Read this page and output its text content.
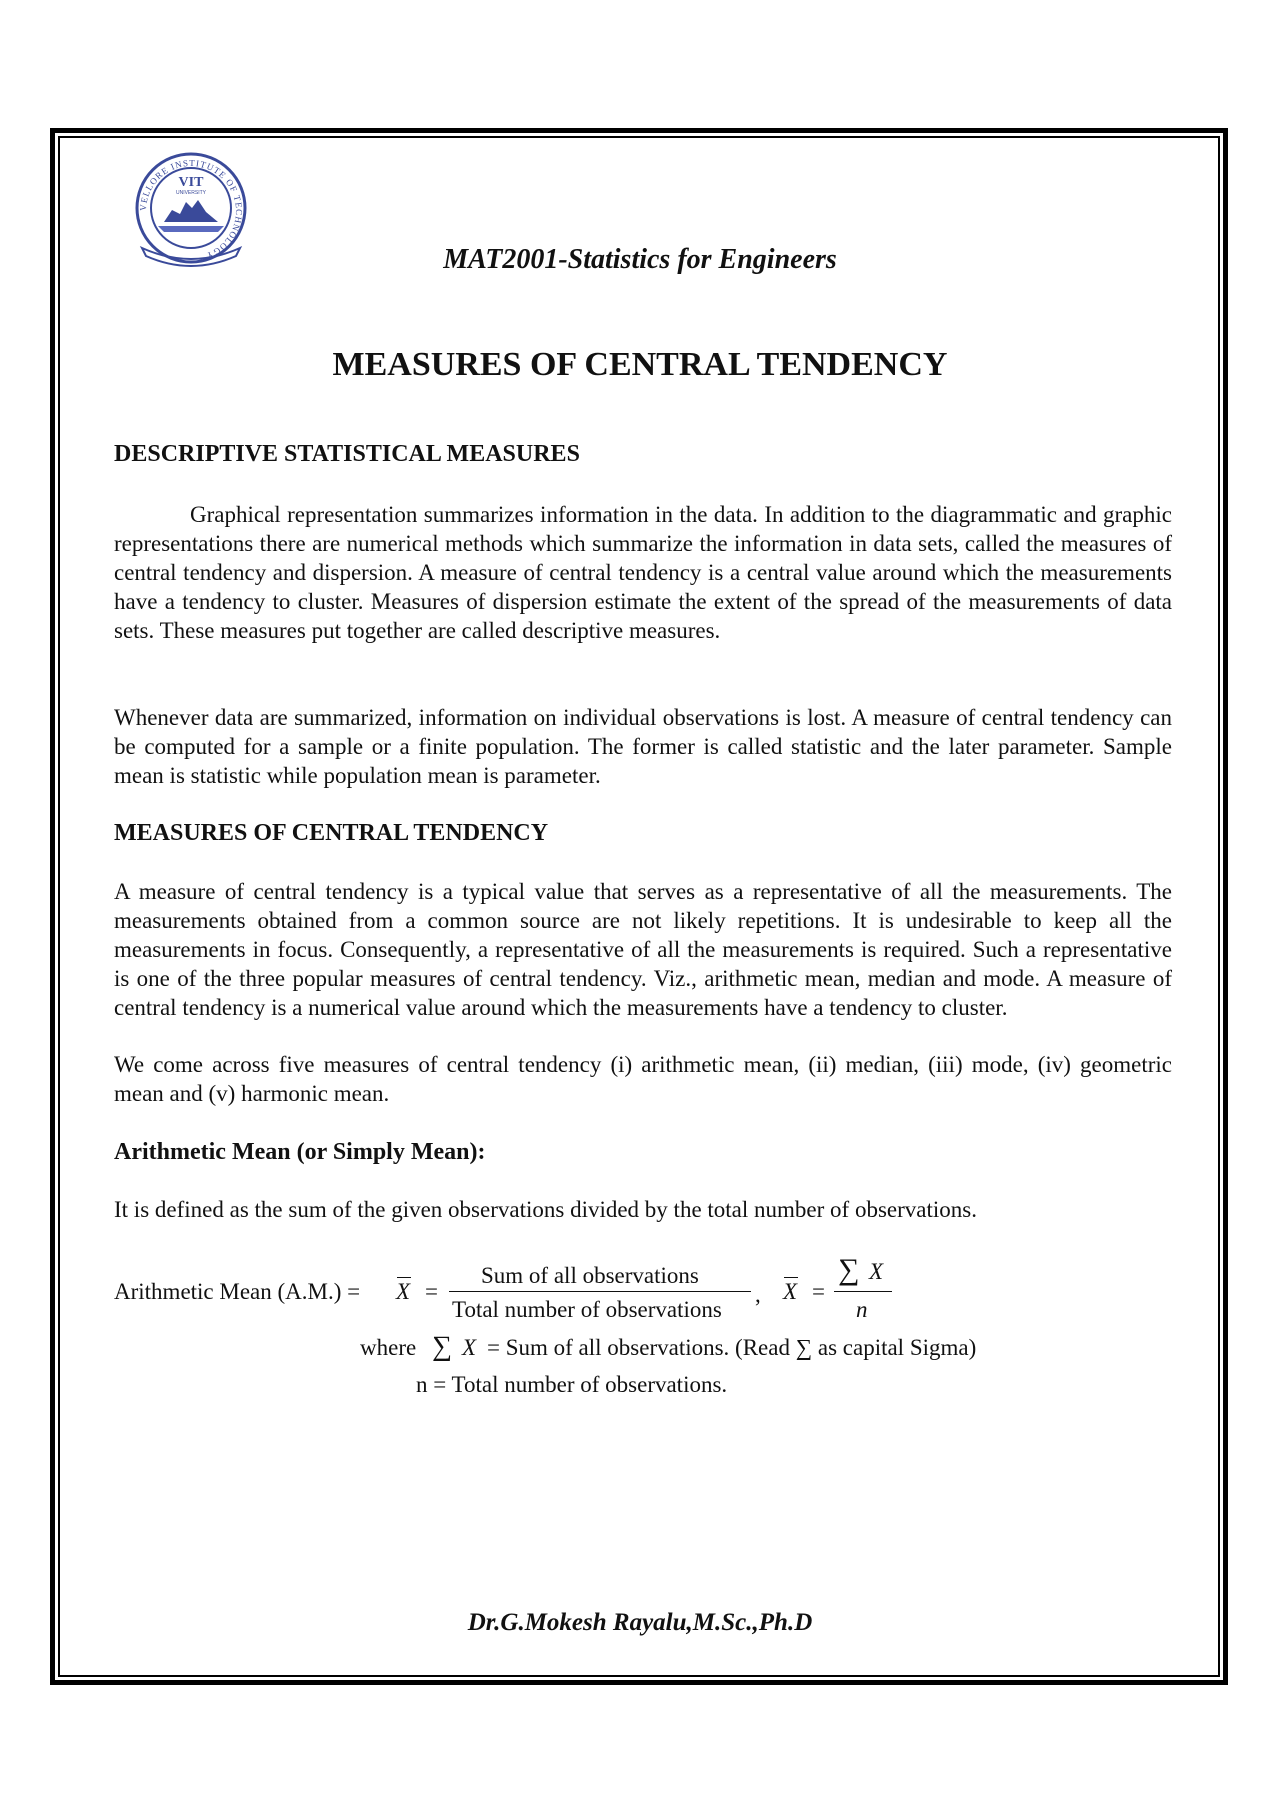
VELLORE INSTITUTE OF TECHNOLOGY
VIT
UNIVERSITY
MAT2001-Statistics for Engineers
MEASURES OF CENTRAL TENDENCY
DESCRIPTIVE STATISTICAL MEASURES

Graphical representation summarizes information in the data. In addition to the diagrammatic and graphic representations there are numerical methods which summarize the information in data sets, called the measures of central tendency and dispersion. A measure of central tendency is a central value around which the measurements have a tendency to cluster. Measures of dispersion estimate the extent of the spread of the measurements of data sets. These measures put together are called descriptive measures.

Whenever data are summarized, information on individual observations is lost. A measure of central tendency can be computed for a sample or a finite population. The former is called statistic and the later parameter. Sample mean is statistic while population mean is parameter.

MEASURES OF CENTRAL TENDENCY

A measure of central tendency is a typical value that serves as a representative of all the measurements. The measurements obtained from a common source are not likely repetitions. It is undesirable to keep all the measurements in focus. Consequently, a representative of all the measurements is required. Such a representative is one of the three popular measures of central tendency. Viz., arithmetic mean, median and mode. A measure of central tendency is a numerical value around which the measurements have a tendency to cluster.

We come across five measures of central tendency (i) arithmetic mean, (ii) median, (iii) mode, (iv) geometric mean and (v) harmonic mean.

Arithmetic Mean (or Simply Mean):
It is defined as the sum of the given observations divided by the total number of observations.
Arithmetic Mean (A.M.) = X =
Sum of all observations
Total number of observations
, X =
∑ X
n
where ∑ X = Sum of all observations. (Read ∑ as capital Sigma)
n = Total number of observations.
Dr.G.Mokesh Rayalu,M.Sc.,Ph.D
